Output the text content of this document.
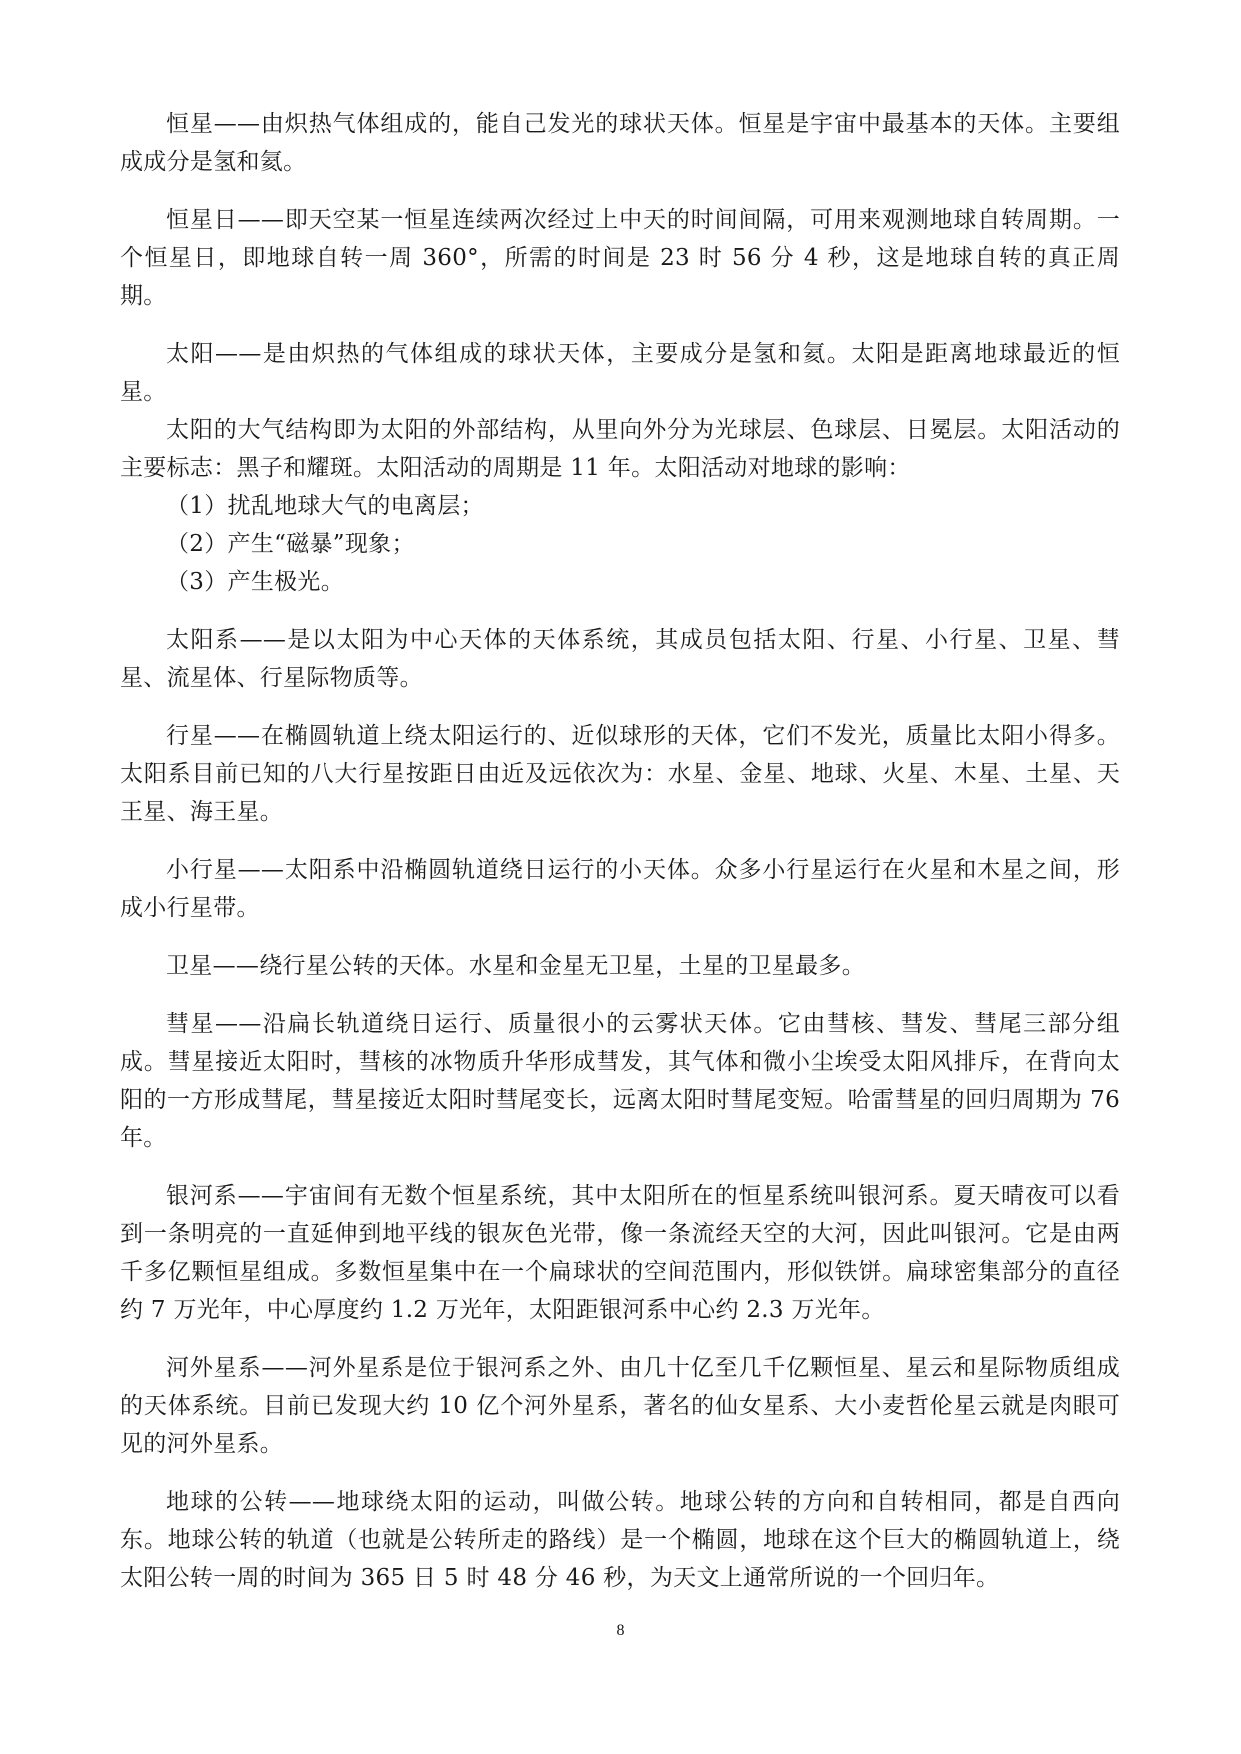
恒星——由炽热气体组成的，能自己发光的球状天体。恒星是宇宙中最基本的天体。主要组成成分是氢和氦。

恒星日——即天空某一恒星连续两次经过上中天的时间间隔，可用来观测地球自转周期。一个恒星日，即地球自转一周 360°，所需的时间是 23 时 56 分 4 秒，这是地球自转的真正周期。

太阳——是由炽热的气体组成的球状天体，主要成分是氢和氦。太阳是距离地球最近的恒星。

太阳的大气结构即为太阳的外部结构，从里向外分为光球层、色球层、日冕层。太阳活动的主要标志：黑子和耀斑。太阳活动的周期是 11 年。太阳活动对地球的影响：

（1）扰乱地球大气的电离层；

（2）产生“磁暴”现象；

（3）产生极光。

太阳系——是以太阳为中心天体的天体系统，其成员包括太阳、行星、小行星、卫星、彗星、流星体、行星际物质等。

行星——在椭圆轨道上绕太阳运行的、近似球形的天体，它们不发光，质量比太阳小得多。太阳系目前已知的八大行星按距日由近及远依次为：水星、金星、地球、火星、木星、土星、天王星、海王星。

小行星——太阳系中沿椭圆轨道绕日运行的小天体。众多小行星运行在火星和木星之间，形成小行星带。

卫星——绕行星公转的天体。水星和金星无卫星，土星的卫星最多。

彗星——沿扁长轨道绕日运行、质量很小的云雾状天体。它由彗核、彗发、彗尾三部分组成。彗星接近太阳时，彗核的冰物质升华形成彗发，其气体和微小尘埃受太阳风排斥，在背向太阳的一方形成彗尾，彗星接近太阳时彗尾变长，远离太阳时彗尾变短。哈雷彗星的回归周期为 76 年。

银河系——宇宙间有无数个恒星系统，其中太阳所在的恒星系统叫银河系。夏天晴夜可以看到一条明亮的一直延伸到地平线的银灰色光带，像一条流经天空的大河，因此叫银河。它是由两千多亿颗恒星组成。多数恒星集中在一个扁球状的空间范围内，形似铁饼。扁球密集部分的直径约 7 万光年，中心厚度约 1.2 万光年，太阳距银河系中心约 2.3 万光年。

河外星系——河外星系是位于银河系之外、由几十亿至几千亿颗恒星、星云和星际物质组成的天体系统。目前已发现大约 10 亿个河外星系，著名的仙女星系、大小麦哲伦星云就是肉眼可见的河外星系。

地球的公转——地球绕太阳的运动，叫做公转。地球公转的方向和自转相同，都是自西向东。地球公转的轨道（也就是公转所走的路线）是一个椭圆，地球在这个巨大的椭圆轨道上，绕太阳公转一周的时间为 365 日 5 时 48 分 46 秒，为天文上通常所说的一个回归年。

8
